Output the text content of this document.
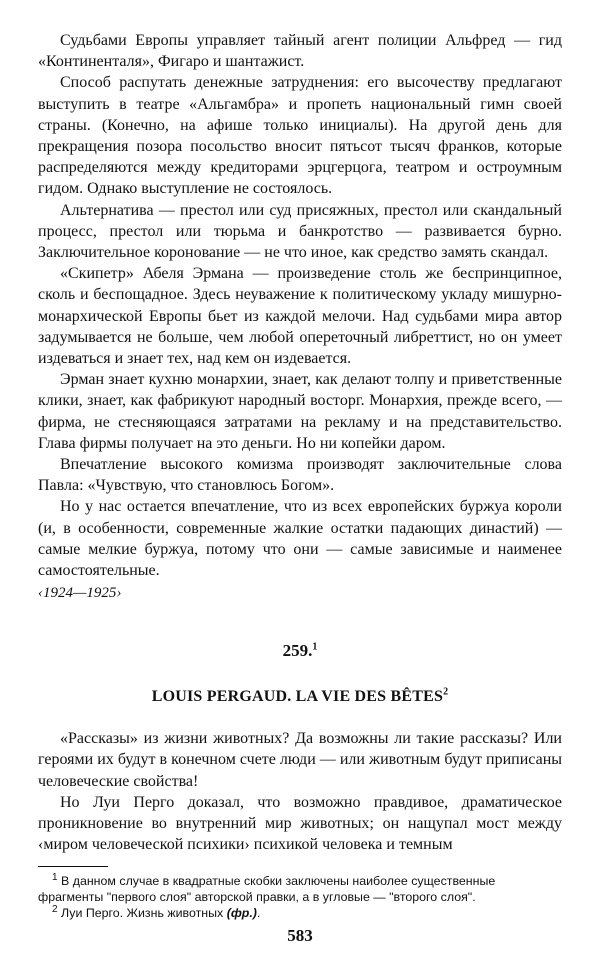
Судьбами Европы управляет тайный агент полиции Альфред — гид «Континенталя», Фигаро и шантажист.

Способ распутать денежные затруднения: его высочеству предлагают выступить в театре «Альгамбра» и пропеть национальный гимн своей страны. (Конечно, на афише только инициалы). На другой день для прекращения позора посольство вносит пятьсот тысяч франков, которые распределяются между кредиторами эрцгерцога, театром и остроумным гидом. Однако выступление не состоялось.

Альтернатива — престол или суд присяжных, престол или скандальный процесс, престол или тюрьма и банкротство — развивается бурно. Заключительное коронование — не что иное, как средство замять скандал.

«Скипетр» Абеля Эрмана — произведение столь же беспринципное, сколь и беспощадное. Здесь неуважение к политическому укладу мишурно-монархической Европы бьет из каждой мелочи. Над судьбами мира автор задумывается не больше, чем любой опереточный либреттист, но он умеет издеваться и знает тех, над кем он издевается.

Эрман знает кухню монархии, знает, как делают толпу и приветственные клики, знает, как фабрикуют народный восторг. Монархия, прежде всего, — фирма, не стесняющаяся затратами на рекламу и на представительство. Глава фирмы получает на это деньги. Но ни копейки даром.

Впечатление высокого комизма производят заключительные слова Павла: «Чувствую, что становлюсь Богом».

Но у нас остается впечатление, что из всех европейских буржуа короли (и, в особенности, современные жалкие остатки падающих династий) — самые мелкие буржуа, потому что они — самые зависимые и наименее самостоятельные.

‹1924—1925›

259.$^1$
LOUIS PERGAUD. LA VIE DES BÊTES$^2$

«Рассказы» из жизни животных? Да возможны ли такие рассказы? Или героями их будут в конечном счете люди — или животным будут приписаны человеческие свойства!

Но Луи Перго доказал, что возможно правдивое, драматическое проникновение во внутренний мир животных; он нащупал мост между ‹миром человеческой психики› психикой человека и темным

$^1$ В данном случае в квадратные скобки заключены наиболее существенные фрагменты "первого слоя" авторской правки, а в угловые — "второго слоя".

$^2$ Луи Перго. Жизнь животных (фр.).

583
